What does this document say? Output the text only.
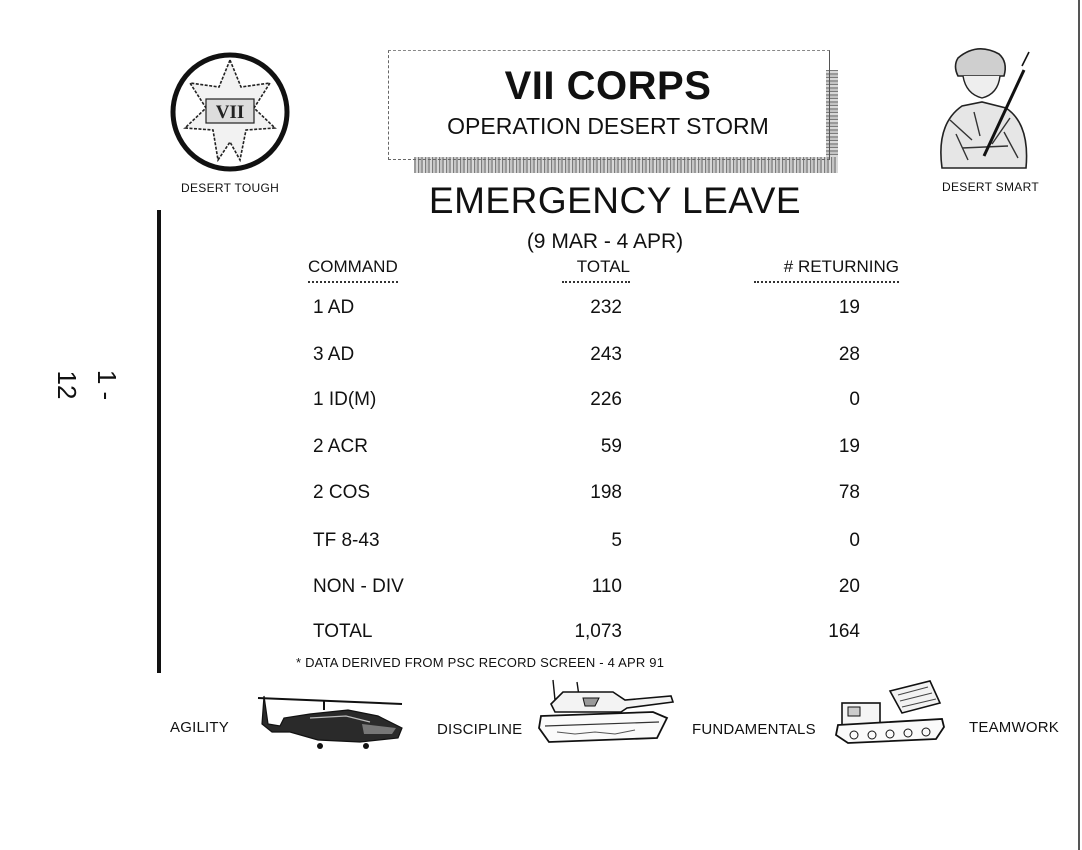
1 - 12
VII
DESERT TOUGH	DESERT SMART
VII CORPS
OPERATION DESERT STORM
EMERGENCY LEAVE
(9 MAR - 4 APR)
COMMAND	TOTAL	# RETURNING
1 AD	232	19
3 AD	243	28
1 ID(M)	226	0
2 ACR	59	19
2 COS	198	78
TF 8-43	5	0
NON - DIV	110	20
TOTAL	1,073	164
* DATA DERIVED FROM PSC RECORD SCREEN - 4 APR 91
AGILITY	DISCIPLINE	FUNDAMENTALS	TEAMWORK
